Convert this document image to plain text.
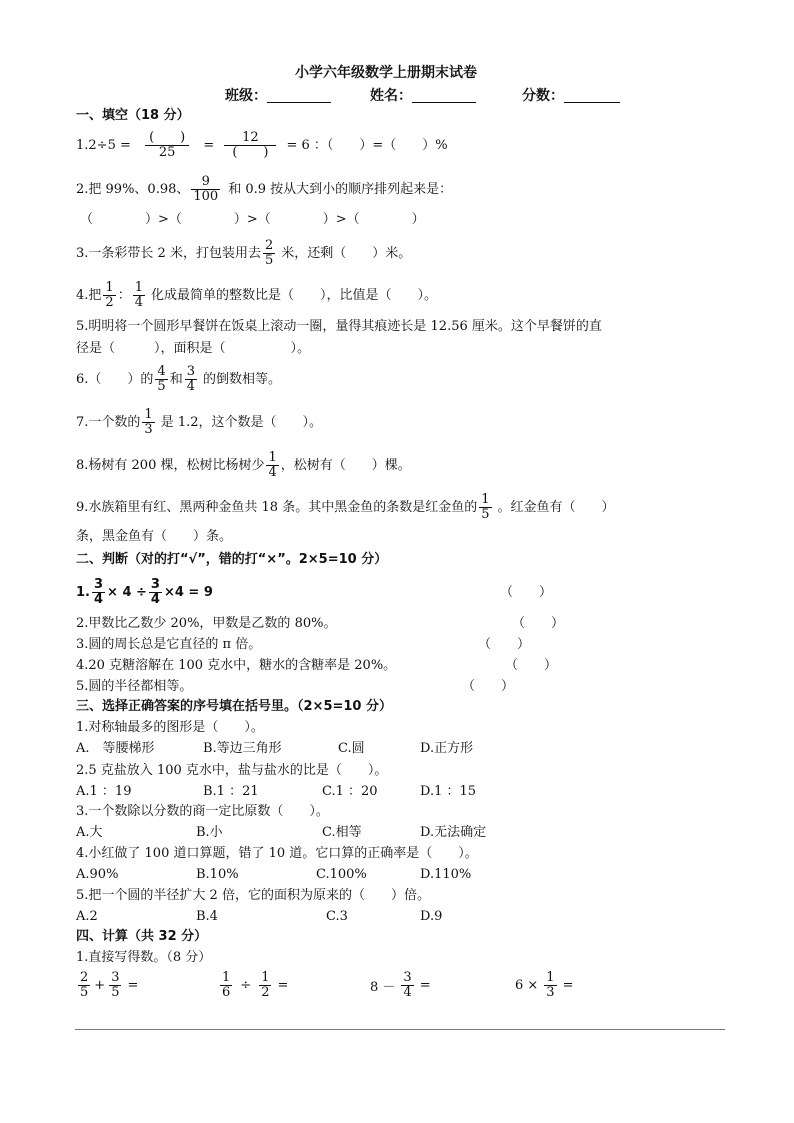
小学六年级数学上册期末试卷
班级：	姓名：	分数：
一、填空（18 分）
$1.2\div 5 = \frac{( )}{25} = \frac{12}{( )} = 6$ ：（　　）=（　　）%
2.把 99%、0.98、 $\frac{9}{100}$ 和 0.9 按从大到小的顺序排列起来是：
（　　　　）>（　　　　）>（　　　　）>（　　　　）
3.一条彩带长 2 米，打包装用去 $\frac{2}{5}$ 米，还剩（　　）米。
4.把 $\frac{1}{2}$ ： $\frac{1}{4}$ 化成最简单的整数比是（　　），比值是（　　）。
5.明明将一个圆形早餐饼在饭桌上滚动一圈，量得其痕迹长是 12.56 厘米。这个早餐饼的直
径是（　　　），面积是（　　　　　）。
6.（　　）的 $\frac{4}{5}$ 和 $\frac{3}{4}$ 的倒数相等。
7.一个数的 $\frac{1}{3}$ 是 1.2，这个数是（　　）。
8.杨树有 200 棵，松树比杨树少 $\frac{1}{4}$ ，松树有（　　）棵。
9.水族箱里有红、黑两种金鱼共 18 条。其中黑金鱼的条数是红金鱼的 $\frac{1}{5}$ 。红金鱼有（　　）
条，黑金鱼有（　　）条。
二、判断（对的打“√”，错的打“×”。2×5=10 分）
1. $\frac{3}{4} \times 4 \div \frac{3}{4} \times 4 = 9$	（　　）
2.甲数比乙数少 20%，甲数是乙数的 80%。	（　　）
3.圆的周长总是它直径的 π 倍。	（　　）
4.20 克糖溶解在 100 克水中，糖水的含糖率是 20%。	（　　）
5.圆的半径都相等。	（　　）
三、选择正确答案的序号填在括号里。（2×5=10 分）
1.对称轴最多的图形是（　　）。
A.　等腰梯形	B.等边三角形	C.圆	D.正方形
2.5 克盐放入 100 克水中，盐与盐水的比是（　　）。
A.1 ：19	B.1 ：21	C.1 ：20	D.1 ：15
3.一个数除以分数的商一定比原数（　　）。
A.大	B.小	C.相等	D.无法确定
4.小红做了 100 道口算题，错了 10 道。它口算的正确率是（　　）。
A.90%	B.10%	C.100%	D.110%
5.把一个圆的半径扩大 2 倍，它的面积为原来的（　　）倍。
A.2	B.4	C.3	D.9
四、计算（共 32 分）
1.直接写得数。（8 分）
$\frac{2}{5} + \frac{3}{5}$ =	$\frac{1}{6} \div \frac{1}{2}$ =	$8 - \frac{3}{4}$ =	$6 \times \frac{1}{3}$ =
